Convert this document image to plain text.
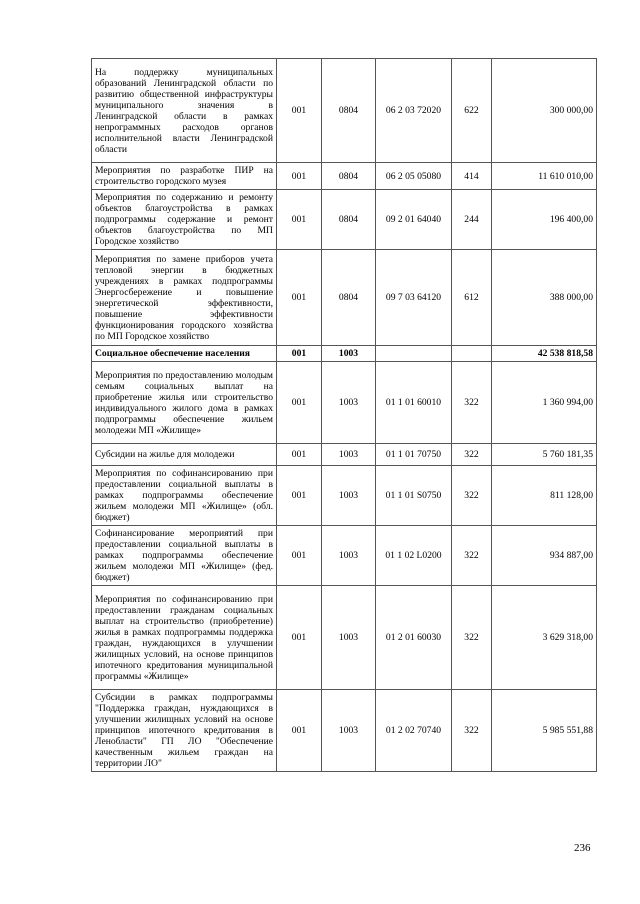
На поддержку муниципальных образований Ленинградской области по развитию общественной инфраструктуры муниципального значения в Ленинградской области в рамках непрограммных расходов органов исполнительной власти Ленинградской области	001	0804	06 2 03 72020	622	300 000,00
Мероприятия по разработке ПИР на строительство городского музея	001	0804	06 2 05 05080	414	11 610 010,00
Мероприятия по содержанию и ремонту объектов благоустройства в рамках подпрограммы содержание и ремонт объектов благоустройства по МП Городское хозяйство	001	0804	09 2 01 64040	244	196 400,00
Мероприятия по замене приборов учета тепловой энергии в бюджетных учреждениях в рамках подпрограммы Энергосбережение и повышение энергетической эффективности, повышение эффективности функционирования городского хозяйства по МП Городское хозяйство	001	0804	09 7 03 64120	612	388 000,00
Социальное обеспечение населения	001	1003			42 538 818,58
Мероприятия по предоставлению молодым семьям социальных выплат на приобретение жилья или строительство индивидуального жилого дома в рамках подпрограммы обеспечение жильем молодежи МП «Жилище»	001	1003	01 1 01 60010	322	1 360 994,00
Субсидии на жилье для молодежи	001	1003	01 1 01 70750	322	5 760 181,35
Мероприятия по софинансированию при предоставлении социальной выплаты в рамках подпрограммы обеспечение жильем молодежи МП «Жилище» (обл. бюджет)	001	1003	01 1 01 S0750	322	811 128,00
Софинансирование мероприятий при предоставлении социальной выплаты в рамках подпрограммы обеспечение жильем молодежи МП «Жилище» (фед. бюджет)	001	1003	01 1 02 L0200	322	934 887,00
Мероприятия по софинансированию при предоставлении гражданам социальных выплат на строительство (приобретение) жилья в рамках подпрограммы поддержка граждан, нуждающихся в улучшении жилищных условий, на основе принципов ипотечного кредитования муниципальной программы «Жилище»	001	1003	01 2 01 60030	322	3 629 318,00
Субсидии в рамках подпрограммы "Поддержка граждан, нуждающихся в улучшении жилищных условий на основе принципов ипотечного кредитования в Ленобласти" ГП ЛО "Обеспечение качественным жильем граждан на территории ЛО"	001	1003	01 2 02 70740	322	5 985 551,88
236
